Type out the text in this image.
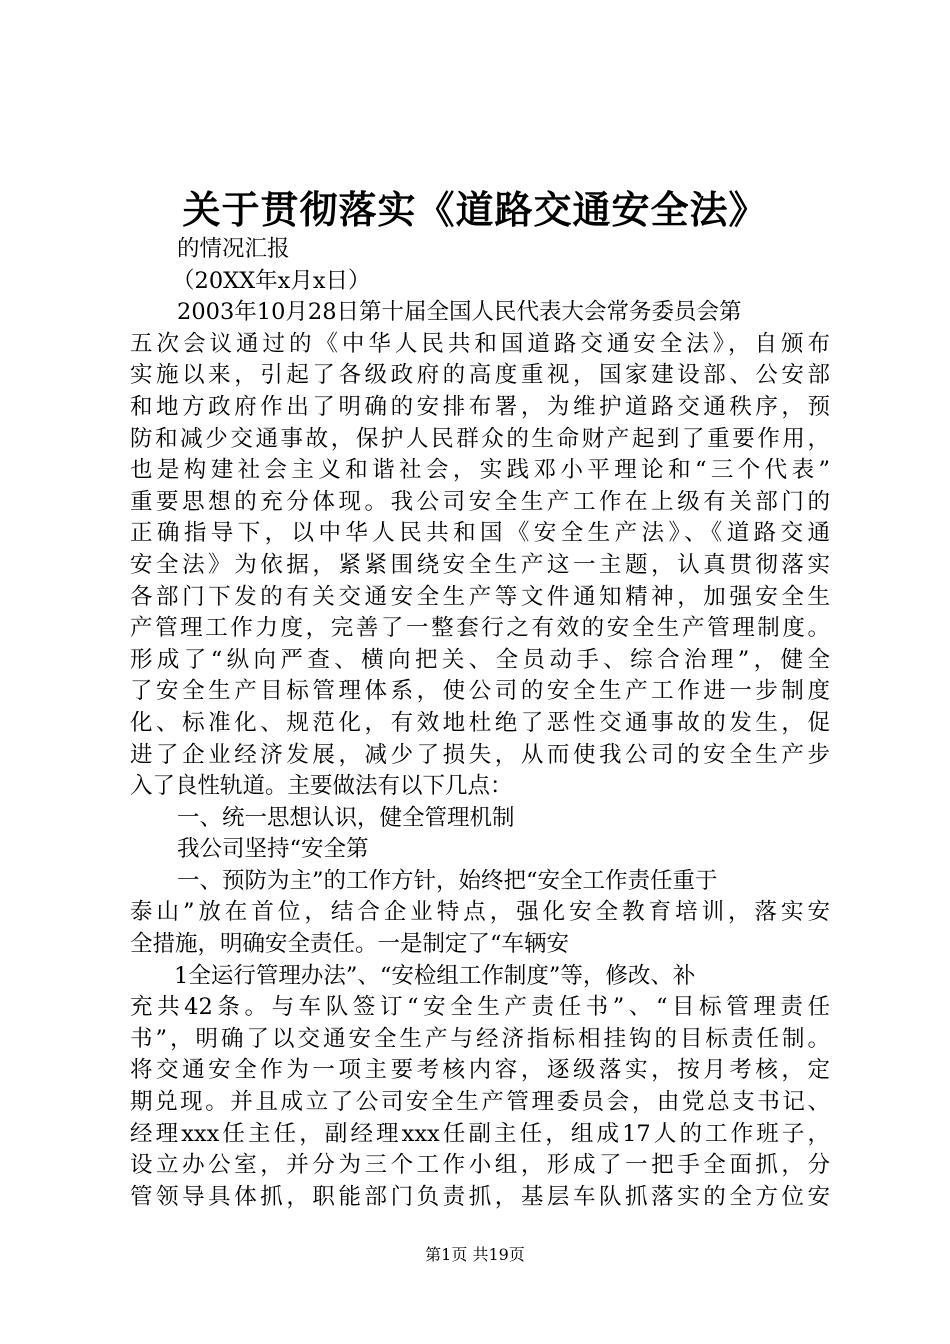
关于贯彻落实《道路交通安全法》
的情况汇报
（20XX年x月x日）
2003年10月28日第十届全国人民代表大会常务委员会第
五次会议通过的《中华人民共和国道路交通安全法》，自颁布
实施以来，引起了各级政府的高度重视，国家建设部、公安部
和地方政府作出了明确的安排布署，为维护道路交通秩序，预
防和减少交通事故，保护人民群众的生命财产起到了重要作用，
也是构建社会主义和谐社会，实践邓小平理论和“三个代表”
重要思想的充分体现。我公司安全生产工作在上级有关部门的
正确指导下，以中华人民共和国《安全生产法》、《道路交通
安全法》为依据，紧紧围绕安全生产这一主题，认真贯彻落实
各部门下发的有关交通安全生产等文件通知精神，加强安全生
产管理工作力度，完善了一整套行之有效的安全生产管理制度。
形成了“纵向严查、横向把关、全员动手、综合治理”，健全
了安全生产目标管理体系，使公司的安全生产工作进一步制度
化、标准化、规范化，有效地杜绝了恶性交通事故的发生，促
进了企业经济发展，减少了损失，从而使我公司的安全生产步
入了良性轨道。主要做法有以下几点：
一、统一思想认识，健全管理机制
我公司坚持“安全第
一、预防为主”的工作方针，始终把“安全工作责任重于
泰山”放在首位，结合企业特点，强化安全教育培训，落实安
全措施，明确安全责任。一是制定了“车辆安
1全运行管理办法”、“安检组工作制度”等，修改、补
充共42条。与车队签订“安全生产责任书”、“目标管理责任
书”，明确了以交通安全生产与经济指标相挂钩的目标责任制。
将交通安全作为一项主要考核内容，逐级落实，按月考核，定
期兑现。并且成立了公司安全生产管理委员会，由党总支书记、
经理xxx任主任，副经理xxx任副主任，组成17人的工作班子，
设立办公室，并分为三个工作小组，形成了一把手全面抓，分
管领导具体抓，职能部门负责抓，基层车队抓落实的全方位安
第1页 共19页
